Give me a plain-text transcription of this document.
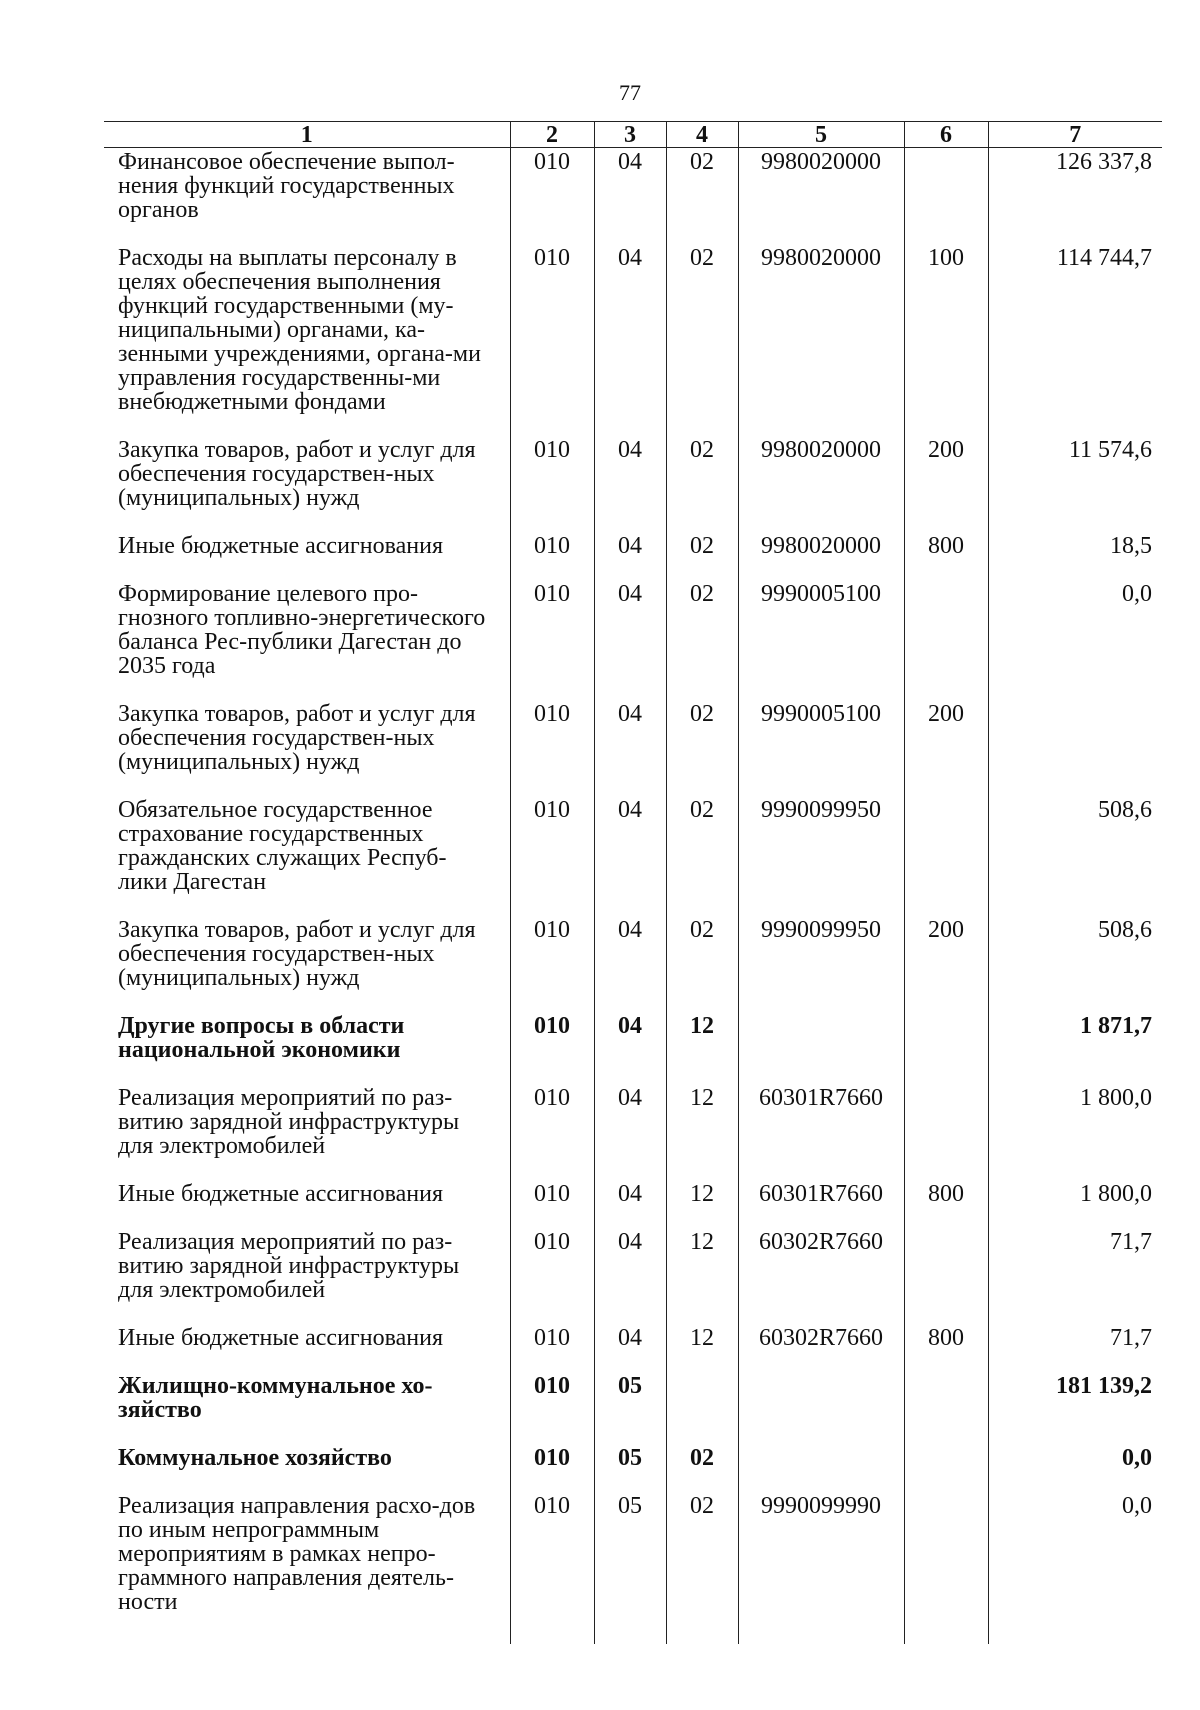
77
1	2	3	4	5	6	7
Финансовое обеспечение выпол-нения функций государственных органов	010	04	02	9980020000		126 337,8
Расходы на выплаты персоналу в целях обеспечения выполнения функций государственными (му-ниципальными) органами, ка-зенными учреждениями, органа-ми управления государственны-ми внебюджетными фондами	010	04	02	9980020000	100	114 744,7
Закупка товаров, работ и услуг для обеспечения государствен-ных (муниципальных) нужд	010	04	02	9980020000	200	11 574,6
Иные бюджетные ассигнования	010	04	02	9980020000	800	18,5
Формирование целевого про-гнозного топливно-энергетического баланса Рес-публики Дагестан до 2035 года	010	04	02	9990005100		0,0
Закупка товаров, работ и услуг для обеспечения государствен-ных (муниципальных) нужд	010	04	02	9990005100	200	
Обязательное государственное страхование государственных гражданских служащих Респуб-лики Дагестан	010	04	02	9990099950		508,6
Закупка товаров, работ и услуг для обеспечения государствен-ных (муниципальных) нужд	010	04	02	9990099950	200	508,6
Другие вопросы в области национальной экономики	010	04	12			1 871,7
Реализация мероприятий по раз-витию зарядной инфраструктуры для электромобилей	010	04	12	60301R7660		1 800,0
Иные бюджетные ассигнования	010	04	12	60301R7660	800	1 800,0
Реализация мероприятий по раз-витию зарядной инфраструктуры для электромобилей	010	04	12	60302R7660		71,7
Иные бюджетные ассигнования	010	04	12	60302R7660	800	71,7
Жилищно-коммунальное хо-зяйство	010	05				181 139,2
Коммунальное хозяйство	010	05	02			0,0
Реализация направления расхо-дов по иным непрограммным мероприятиям в рамках непро-граммного направления деятель-ности	010	05	02	9990099990		0,0
